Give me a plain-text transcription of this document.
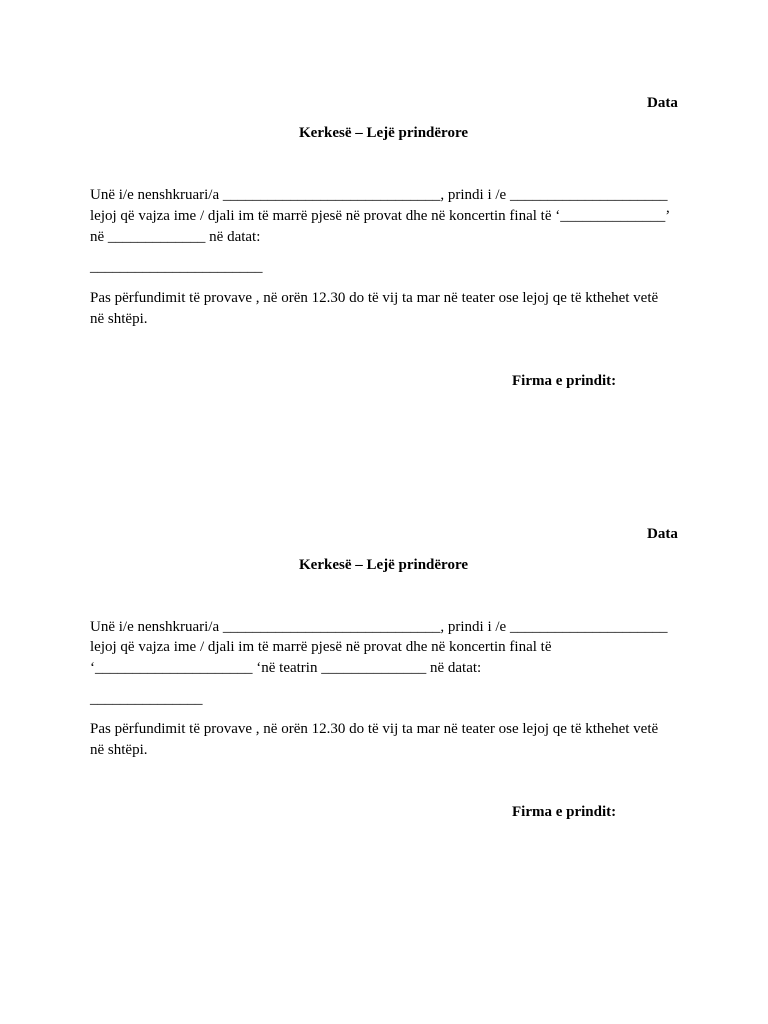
Data
Kerkesë – Lejë prindërore
Unë i/e nenshkruari/a _____________________________, prindi i /e _____________________
lejoj që vajza ime / djali im të marrë pjesë në provat dhe në koncertin final të ‘______________’
në _____________ në datat:
_______________________
Pas përfundimit të provave , në orën 12.30 do të vij ta mar në teater ose lejoj qe të kthehet vetë
në shtëpi.
Firma e prindit:
Data
Kerkesë – Lejë prindërore
Unë i/e nenshkruari/a _____________________________, prindi i /e _____________________
lejoj që vajza ime / djali im të marrë pjesë në provat dhe në koncertin final të
‘_____________________ ‘në teatrin ______________ në datat:
_______________
Pas përfundimit të provave , në orën 12.30 do të vij ta mar në teater ose lejoj qe të kthehet vetë
në shtëpi.
Firma e prindit:
